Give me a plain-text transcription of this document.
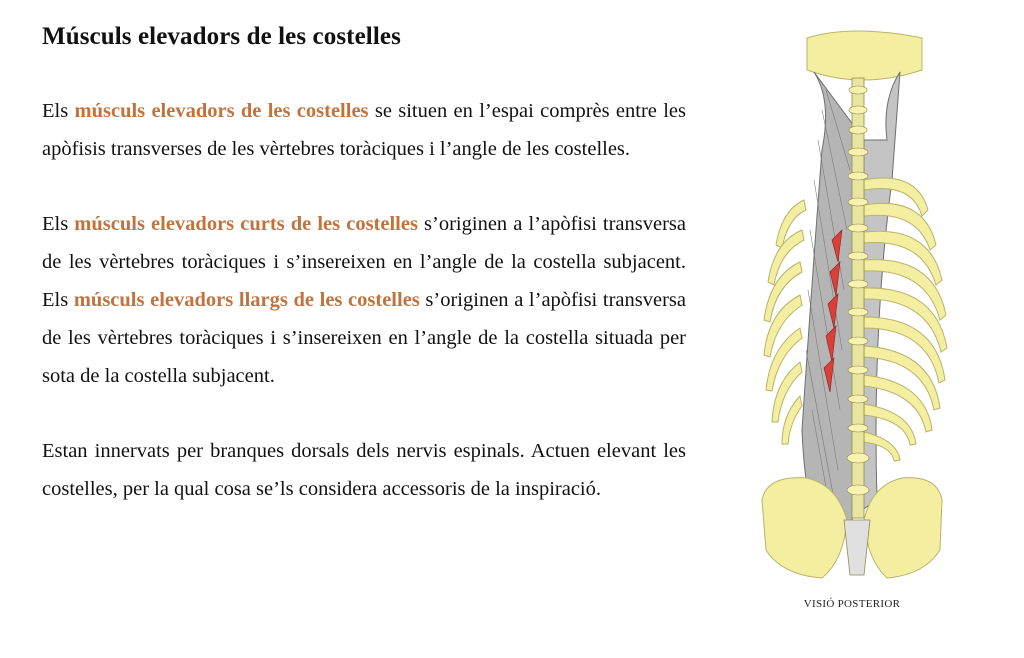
Músculs elevadors de les costelles

Els músculs elevadors de les costelles se situen en l’espai comprès entre les apòfisis transverses de les vèrtebres toràciques i l’angle de les costelles.

Els músculs elevadors curts de les costelles s’originen a l’apòfisi transversa de les vèrtebres toràciques i s’insereixen en l’angle de la costella subjacent. Els músculs elevadors llargs de les costelles s’originen a l’apòfisi transversa de les vèrtebres toràciques i s’insereixen en l’angle de la costella situada per sota de la costella subjacent.

Estan innervats per branques dorsals dels nervis espinals. Actuen elevant les costelles, per la qual cosa se’ls considera accessoris de la inspiració.

VISIÓ POSTERIOR
